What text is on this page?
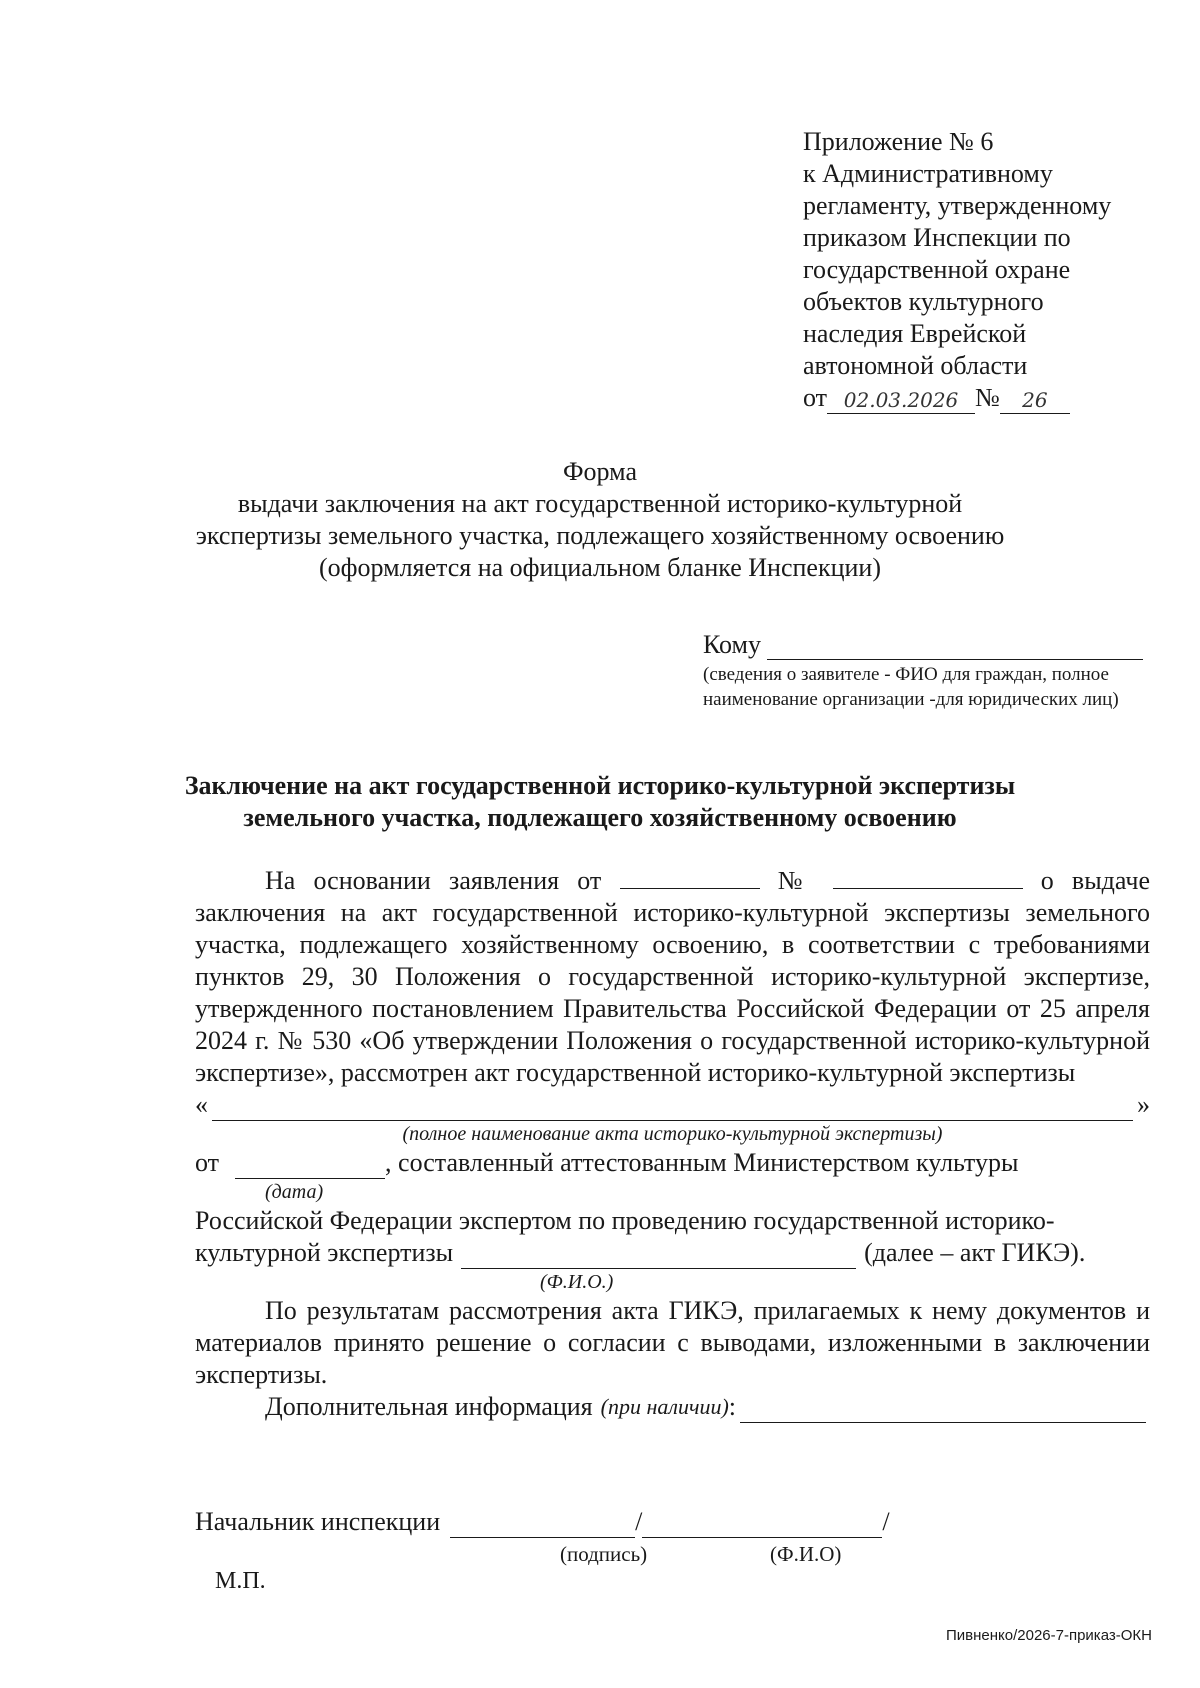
Приложение № 6
к Административному
регламенту, утвержденному
приказом Инспекции по
государственной охране
объектов культурного
наследия Еврейской
автономной области
от 02.03.2026 №	26
Форма
выдачи заключения на акт государственной историко-культурной
экспертизы земельного участка, подлежащего хозяйственному освоению
(оформляется на официальном бланке Инспекции)
Кому
(сведения о заявителе - ФИО для граждан, полное наименование организации -для юридических лиц)
Заключение на акт государственной историко-культурной экспертизы
земельного участка, подлежащего хозяйственному освоению

На основании заявления от	№	о выдаче заключения на акт государственной историко-культурной экспертизы земельного участка, подлежащего хозяйственному освоению, в соответствии с требованиями пунктов 29, 30 Положения о государственной историко-культурной экспертизе, утвержденного постановлением Правительства Российской Федерации от 25 апреля 2024 г. № 530 «Об утверждении Положения о государственной историко-культурной экспертизе», рассмотрен акт государственной историко-культурной экспертизы

«	»
(полное наименование акта историко-культурной экспертизы)
от	, составленный аттестованным Министерством культуры
(дата)
Российской Федерации экспертом по проведению государственной историко-
культурной экспертизы	(далее – акт ГИКЭ).
(Ф.И.О.)

По результатам рассмотрения акта ГИКЭ, прилагаемых к нему документов и материалов принято решение о согласии с выводами, изложенными в заключении экспертизы.

Дополнительная информация (при наличии) :
Начальник инспекции	/	/
(подпись)	(Ф.И.О)
М.П.
Пивненко/2026-7-приказ-ОКН
